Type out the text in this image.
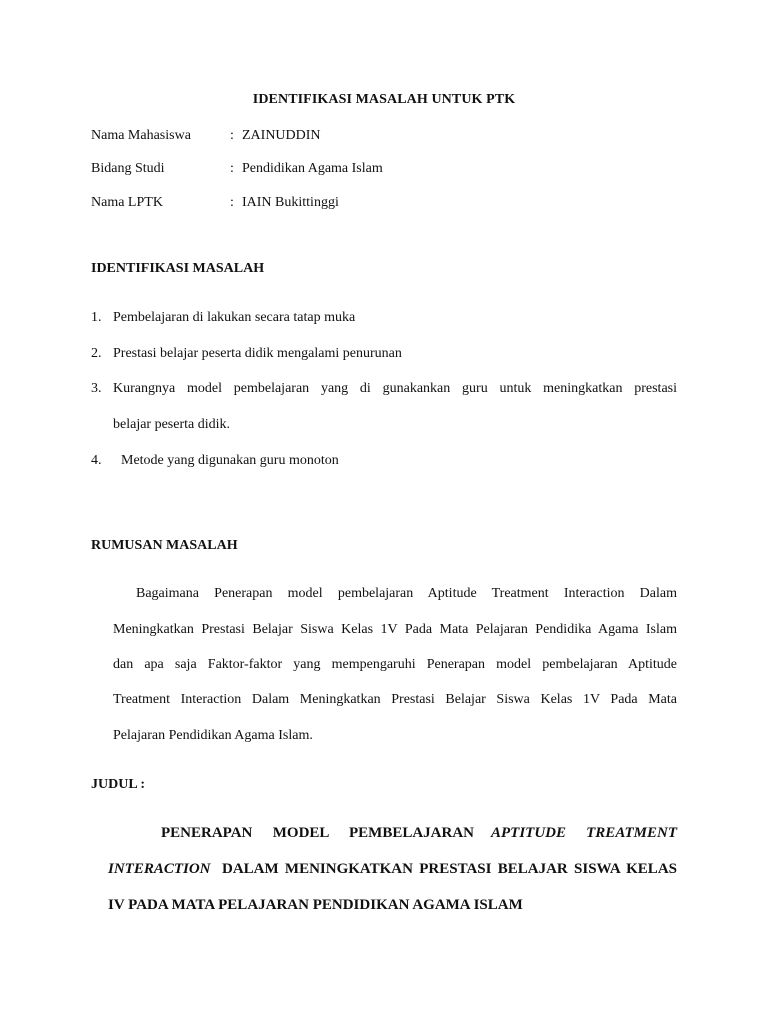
IDENTIFIKASI MASALAH UNTUK PTK
Nama Mahasiswa	: ZAINUDDIN
Bidang Studi	: Pendidikan Agama Islam
Nama LPTK	: IAIN Bukittinggi
IDENTIFIKASI MASALAH
1. Pembelajaran di lakukan secara tatap muka
2. Prestasi belajar peserta didik mengalami penurunan
3. Kurangnya model pembelajaran yang di gunakankan guru untuk meningkatkan prestasi
belajar peserta didik.
4. Metode yang digunakan guru monoton
RUMUSAN MASALAH
Bagaimana Penerapan model pembelajaran Aptitude Treatment Interaction Dalam
Meningkatkan Prestasi Belajar Siswa Kelas 1V Pada Mata Pelajaran Pendidika Agama Islam
dan apa saja Faktor-faktor yang mempengaruhi Penerapan model pembelajaran Aptitude
Treatment Interaction Dalam Meningkatkan Prestasi Belajar Siswa Kelas 1V Pada Mata
Pelajaran Pendidikan Agama Islam.
JUDUL :
PENERAPAN MODEL PEMBELAJARAN APTITUDE TREATMENT
INTERACTION DALAM MENINGKATKAN PRESTASI BELAJAR SISWA KELAS
IV PADA MATA PELAJARAN PENDIDIKAN AGAMA ISLAM
